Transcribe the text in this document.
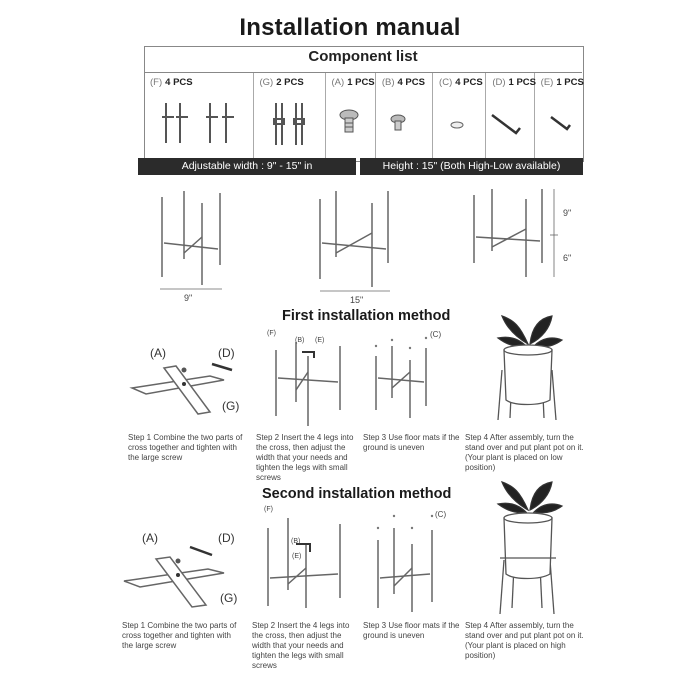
Installation manual
Component list
(F) 4 PCS	(G) 2 PCS	(A) 1 PCS (B) 4 PCS (C) 4 PCS (D) 1 PCS (E) 1 PCS
Adjustable width : 9" - 15" in	Height : 15" (Both High-Low available)
9"	15"
9"
6"
First installation method
(A)	(D)
(G)
(F)
(B) (E)
(C)
Step 1 Combine the two parts of cross together and tighten with the large screw
Step 2 Insert the 4 legs into the cross, then adjust the width that your needs and tighten the legs with small screws
Step 3 Use floor mats if the ground is uneven
Step 4 After assembly, turn the stand over and put plant pot on it. (Your plant is placed on low position)
Second installation method
(A)	(D)
(G)
(F)
(B)
(E)
(C)
Step 1 Combine the two parts of cross together and tighten with the large screw
Step 2 Insert the 4 legs into the cross, then adjust the width that your needs and tighten the legs with small screws
Step 3 Use floor mats if the ground is uneven
Step 4 After assembly, turn the stand over and put plant pot on it. (Your plant is placed on high position)
